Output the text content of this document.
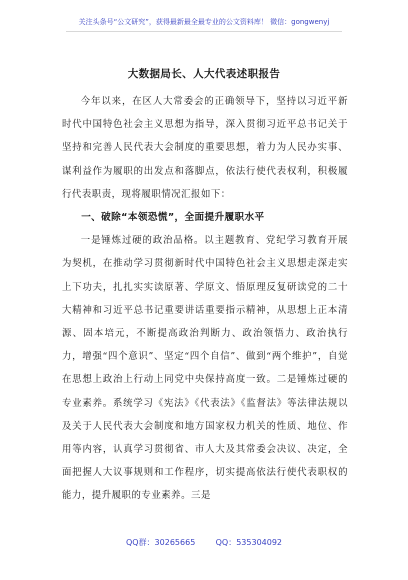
关注头条号“公文研究”，获得最新最全最专业的公文资料库！ 微信：gongwenyj
大数据局长、人大代表述职报告

今年以来，在区人大常委会的正确领导下，坚持以习近平新时代中国特色社会主义思想为指导，深入贯彻习近平总书记关于坚持和完善人民代表大会制度的重要思想，着力为人民办实事、谋利益作为履职的出发点和落脚点，依法行使代表权利，积极履行代表职责，现将履职情况汇报如下：

一、破除“本领恐慌”，全面提升履职水平

一是锤炼过硬的政治品格。以主题教育、党纪学习教育开展为契机，在推动学习贯彻新时代中国特色社会主义思想走深走实上下功夫，扎扎实实读原著、学原文、悟原理反复研读党的二十大精神和习近平总书记重要讲话重要指示精神，从思想上正本清源、固本培元，不断提高政治判断力、政治领悟力、政治执行力，增强“四个意识”、坚定“四个自信”、做到“两个维护”，自觉在思想上政治上行动上同党中央保持高度一致。二是锤炼过硬的专业素养。系统学习《宪法》《代表法》《监督法》等法律法规以及关于人民代表大会制度和地方国家权力机关的性质、地位、作用等内容，认真学习贯彻省、市人大及其常委会决议、决定，全面把握人大议事规则和工作程序，切实提高依法行使代表职权的能力，提升履职的专业素养。三是

QQ群：30265665        QQ：535304092
